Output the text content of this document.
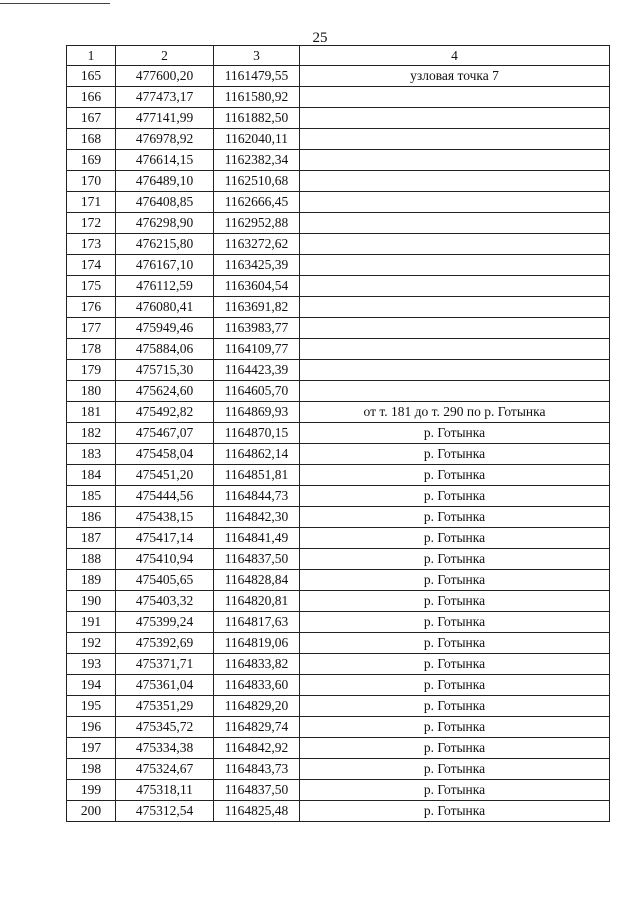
25
1	2	3	4
165	477600,20	1161479,55	узловая точка 7
166	477473,17	1161580,92	
167	477141,99	1161882,50	
168	476978,92	1162040,11	
169	476614,15	1162382,34	
170	476489,10	1162510,68	
171	476408,85	1162666,45	
172	476298,90	1162952,88	
173	476215,80	1163272,62	
174	476167,10	1163425,39	
175	476112,59	1163604,54	
176	476080,41	1163691,82	
177	475949,46	1163983,77	
178	475884,06	1164109,77	
179	475715,30	1164423,39	
180	475624,60	1164605,70	
181	475492,82	1164869,93	от т. 181 до т. 290 по р. Готынка
182	475467,07	1164870,15	р. Готынка
183	475458,04	1164862,14	р. Готынка
184	475451,20	1164851,81	р. Готынка
185	475444,56	1164844,73	р. Готынка
186	475438,15	1164842,30	р. Готынка
187	475417,14	1164841,49	р. Готынка
188	475410,94	1164837,50	р. Готынка
189	475405,65	1164828,84	р. Готынка
190	475403,32	1164820,81	р. Готынка
191	475399,24	1164817,63	р. Готынка
192	475392,69	1164819,06	р. Готынка
193	475371,71	1164833,82	р. Готынка
194	475361,04	1164833,60	р. Готынка
195	475351,29	1164829,20	р. Готынка
196	475345,72	1164829,74	р. Готынка
197	475334,38	1164842,92	р. Готынка
198	475324,67	1164843,73	р. Готынка
199	475318,11	1164837,50	р. Готынка
200	475312,54	1164825,48	р. Готынка
